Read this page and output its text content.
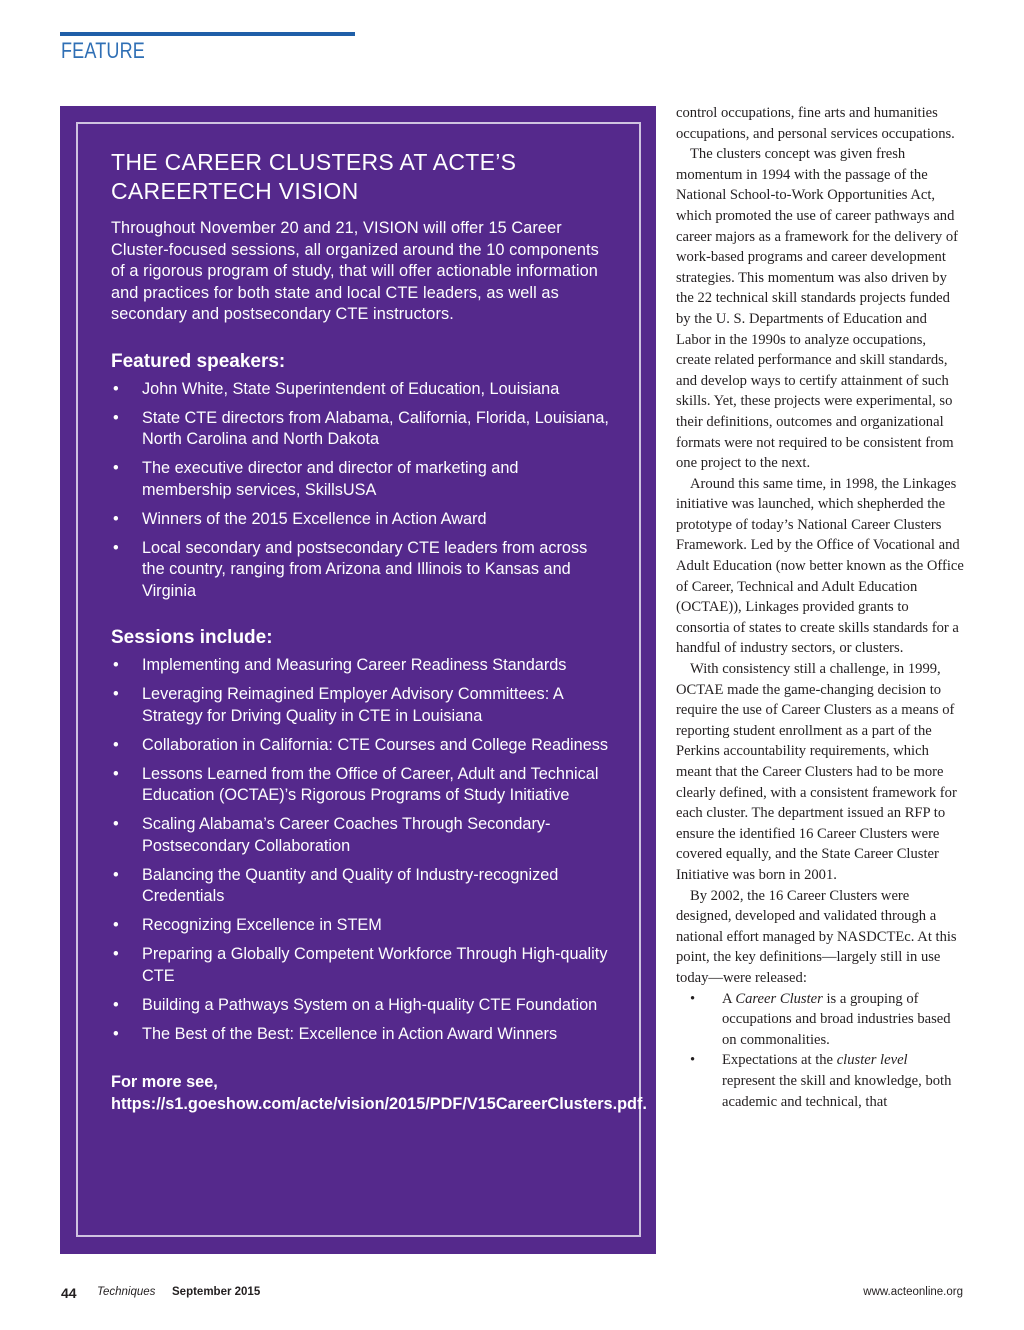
FEATURE
THE CAREER CLUSTERS AT ACTE’S CAREERTECH VISION

Throughout November 20 and 21, VISION will offer 15 Career Cluster-focused sessions, all organized around the 10 components of a rigorous program of study, that will offer actionable information and practices for both state and local CTE leaders, as well as secondary and postsecondary CTE instructors.

Featured speakers:
• John White, State Superintendent of Education, Louisiana
• State CTE directors from Alabama, California, Florida, Louisiana, North Carolina and North Dakota
• The executive director and director of marketing and membership services, SkillsUSA
• Winners of the 2015 Excellence in Action Award
• Local secondary and postsecondary CTE leaders from across the country, ranging from Arizona and Illinois to Kansas and Virginia
Sessions include:
• Implementing and Measuring Career Readiness Standards
• Leveraging Reimagined Employer Advisory Committees: A Strategy for Driving Quality in CTE in Louisiana
• Collaboration in California: CTE Courses and College Readiness
• Lessons Learned from the Office of Career, Adult and Technical Education (OCTAE)’s Rigorous Programs of Study Initiative
• Scaling Alabama’s Career Coaches Through Secondary-Postsecondary Collaboration
• Balancing the Quantity and Quality of Industry-recognized Credentials
• Recognizing Excellence in STEM
• Preparing a Globally Competent Workforce Through High-quality CTE
• Building a Pathways System on a High-quality CTE Foundation
• The Best of the Best: Excellence in Action Award Winners

For more see, https://s1.goeshow.com/acte/vision/2015/PDF/V15CareerClusters.pdf.

control occupations, fine arts and humanities occupations, and personal services occupations.

The clusters concept was given fresh momentum in 1994 with the passage of the National School-to-Work Opportunities Act, which promoted the use of career pathways and career majors as a framework for the delivery of work-based programs and career development strategies. This momentum was also driven by the 22 technical skill standards projects funded by the U. S. Departments of Education and Labor in the 1990s to analyze occupations, create related performance and skill standards, and develop ways to certify attainment of such skills. Yet, these projects were experimental, so their definitions, outcomes and organizational formats were not required to be consistent from one project to the next.

Around this same time, in 1998, the Linkages initiative was launched, which shepherded the prototype of today’s National Career Clusters Framework. Led by the Office of Vocational and Adult Education (now better known as the Office of Career, Technical and Adult Education (OCTAE)), Linkages provided grants to consortia of states to create skills standards for a handful of industry sectors, or clusters.

With consistency still a challenge, in 1999, OCTAE made the game-changing decision to require the use of Career Clusters as a means of reporting student enrollment as a part of the Perkins accountability requirements, which meant that the Career Clusters had to be more clearly defined, with a consistent framework for each cluster. The department issued an RFP to ensure the identified 16 Career Clusters were covered equally, and the State Career Cluster Initiative was born in 2001.

By 2002, the 16 Career Clusters were designed, developed and validated through a national effort managed by NASDCTEc. At this point, the key definitions—largely still in use today—were released:

• A Career Cluster is a grouping of occupations and broad industries based on commonalities.
• Expectations at the cluster level represent the skill and knowledge, both academic and technical, that
44 Techniques September 2015	www.acteonline.org
